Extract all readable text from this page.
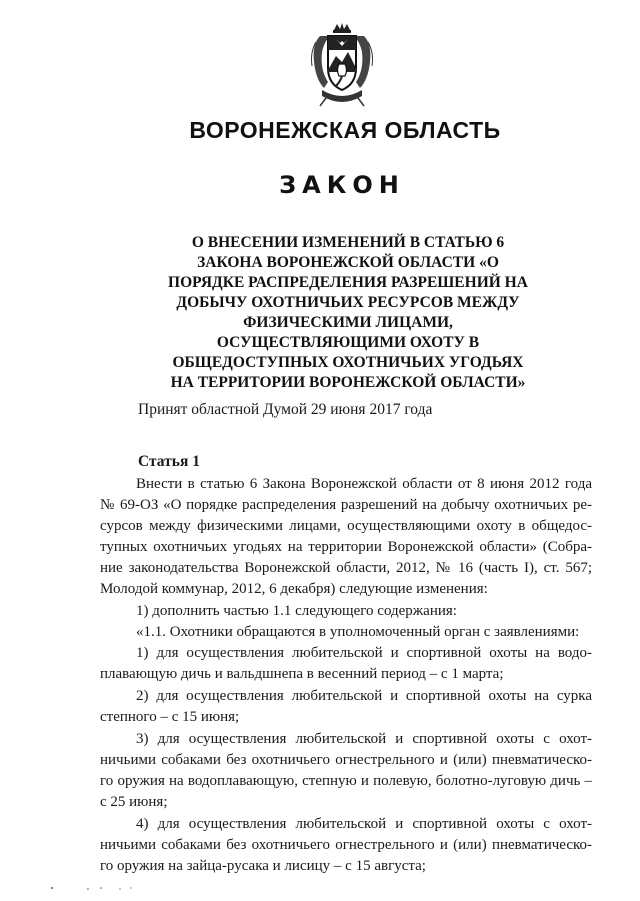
ВОРОНЕЖСКАЯ ОБЛАСТЬ
ЗАКОН
О ВНЕСЕНИИ ИЗМЕНЕНИЙ В СТАТЬЮ 6
ЗАКОНА ВОРОНЕЖСКОЙ ОБЛАСТИ «О
ПОРЯДКЕ РАСПРЕДЕЛЕНИЯ РАЗРЕШЕНИЙ НА
ДОБЫЧУ ОХОТНИЧЬИХ РЕСУРСОВ МЕЖДУ
ФИЗИЧЕСКИМИ ЛИЦАМИ,
ОСУЩЕСТВЛЯЮЩИМИ ОХОТУ В
ОБЩЕДОСТУПНЫХ ОХОТНИЧЬИХ УГОДЬЯХ
НА ТЕРРИТОРИИ ВОРОНЕЖСКОЙ ОБЛАСТИ»
Принят областной Думой 29 июня 2017 года
Статья 1
Внести в статью 6 Закона Воронежской области от 8 июня 2012 года
№ 69-ОЗ «О порядке распределения разрешений на добычу охотничьих ре-
сурсов между физическими лицами, осуществляющими охоту в общедос-
тупных охотничьих угодьях на территории Воронежской области» (Собра-
ние законодательства Воронежской области, 2012, № 16 (часть I), ст. 567;
Молодой коммунар, 2012, 6 декабря) следующие изменения:
1) дополнить частью 1.1 следующего содержания:
«1.1. Охотники обращаются в уполномоченный орган с заявлениями:
1) для осуществления любительской и спортивной охоты на водо-
плавающую дичь и вальдшнепа в весенний период – с 1 марта;
2) для осуществления любительской и спортивной охоты на сурка
степного – с 15 июня;
3) для осуществления любительской и спортивной охоты с охот-
ничьими собаками без охотничьего огнестрельного и (или) пневматическо-
го оружия на водоплавающую, степную и полевую, болотно-луговую дичь –
с 25 июня;
4) для осуществления любительской и спортивной охоты с охот-
ничьими собаками без охотничьего огнестрельного и (или) пневматическо-
го оружия на зайца-русака и лисицу – с 15 августа;
